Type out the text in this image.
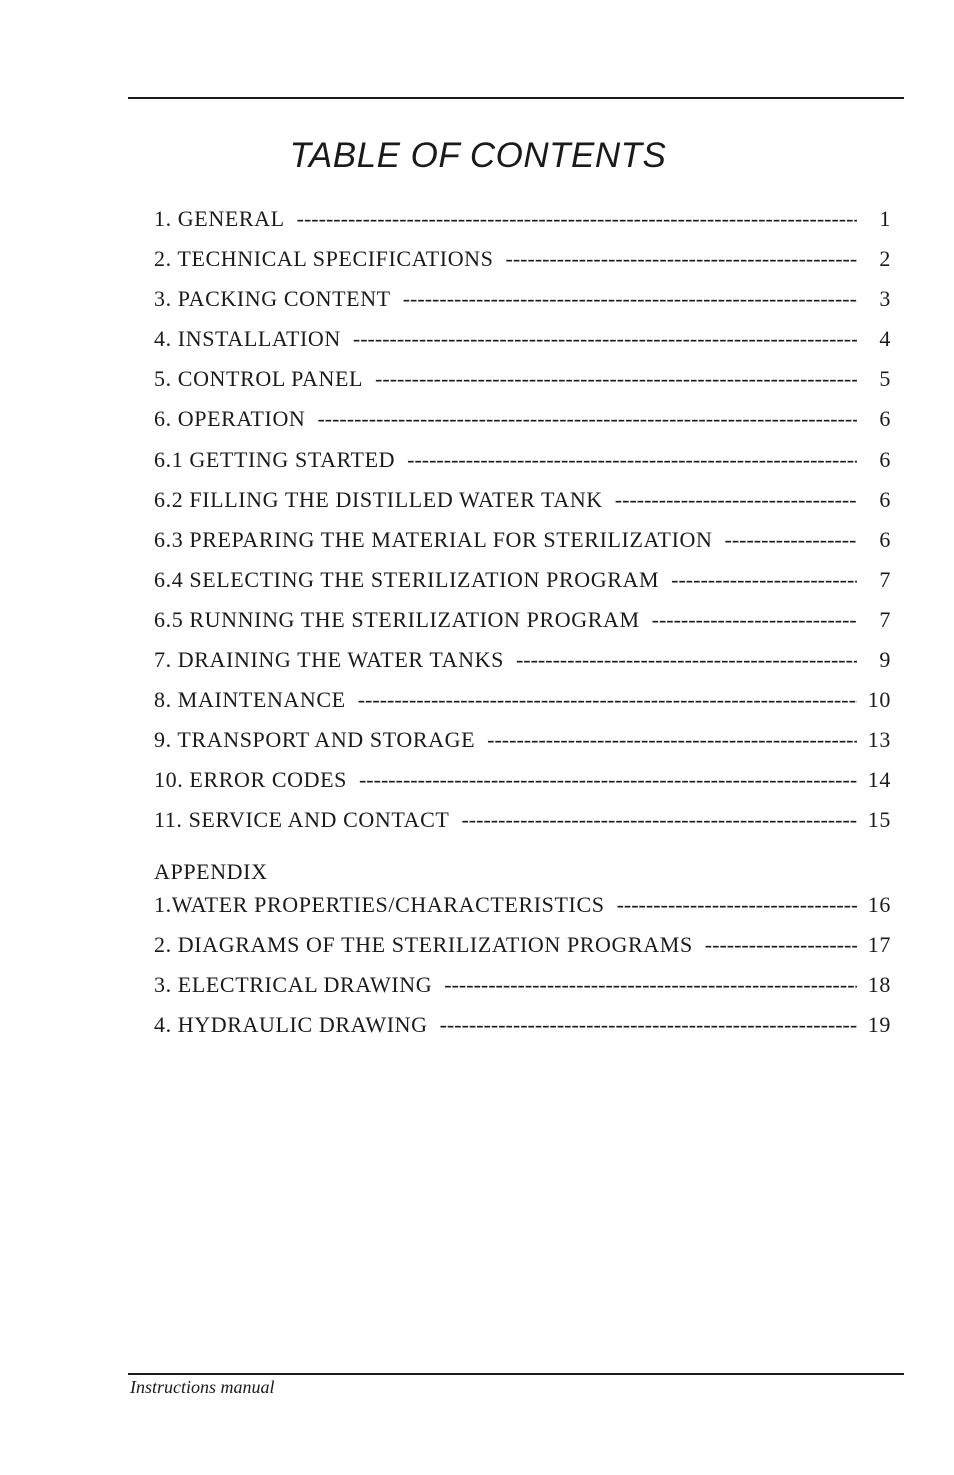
TABLE OF CONTENTS
1. GENERAL -----	1
2. TECHNICAL SPECIFICATIONS -----	2
3. PACKING CONTENT -----	3
4. INSTALLATION -----	4
5. CONTROL PANEL -----	5
6. OPERATION -----	6
6.1 GETTING STARTED -----	6
6.2 FILLING THE DISTILLED WATER TANK -----	6
6.3 PREPARING THE MATERIAL FOR STERILIZATION -----	6
6.4 SELECTING THE STERILIZATION PROGRAM -----	7
6.5 RUNNING THE STERILIZATION PROGRAM -----	7
7. DRAINING THE WATER TANKS -----	9
8. MAINTENANCE -----	10
9. TRANSPORT AND STORAGE -----	13
10. ERROR CODES -----	14
11. SERVICE AND CONTACT -----	15
APPENDIX
1.WATER PROPERTIES/CHARACTERISTICS -----	16
2. DIAGRAMS OF THE STERILIZATION PROGRAMS -----	17
3. ELECTRICAL DRAWING -----	18
4. HYDRAULIC DRAWING -----	19
Instructions manual
